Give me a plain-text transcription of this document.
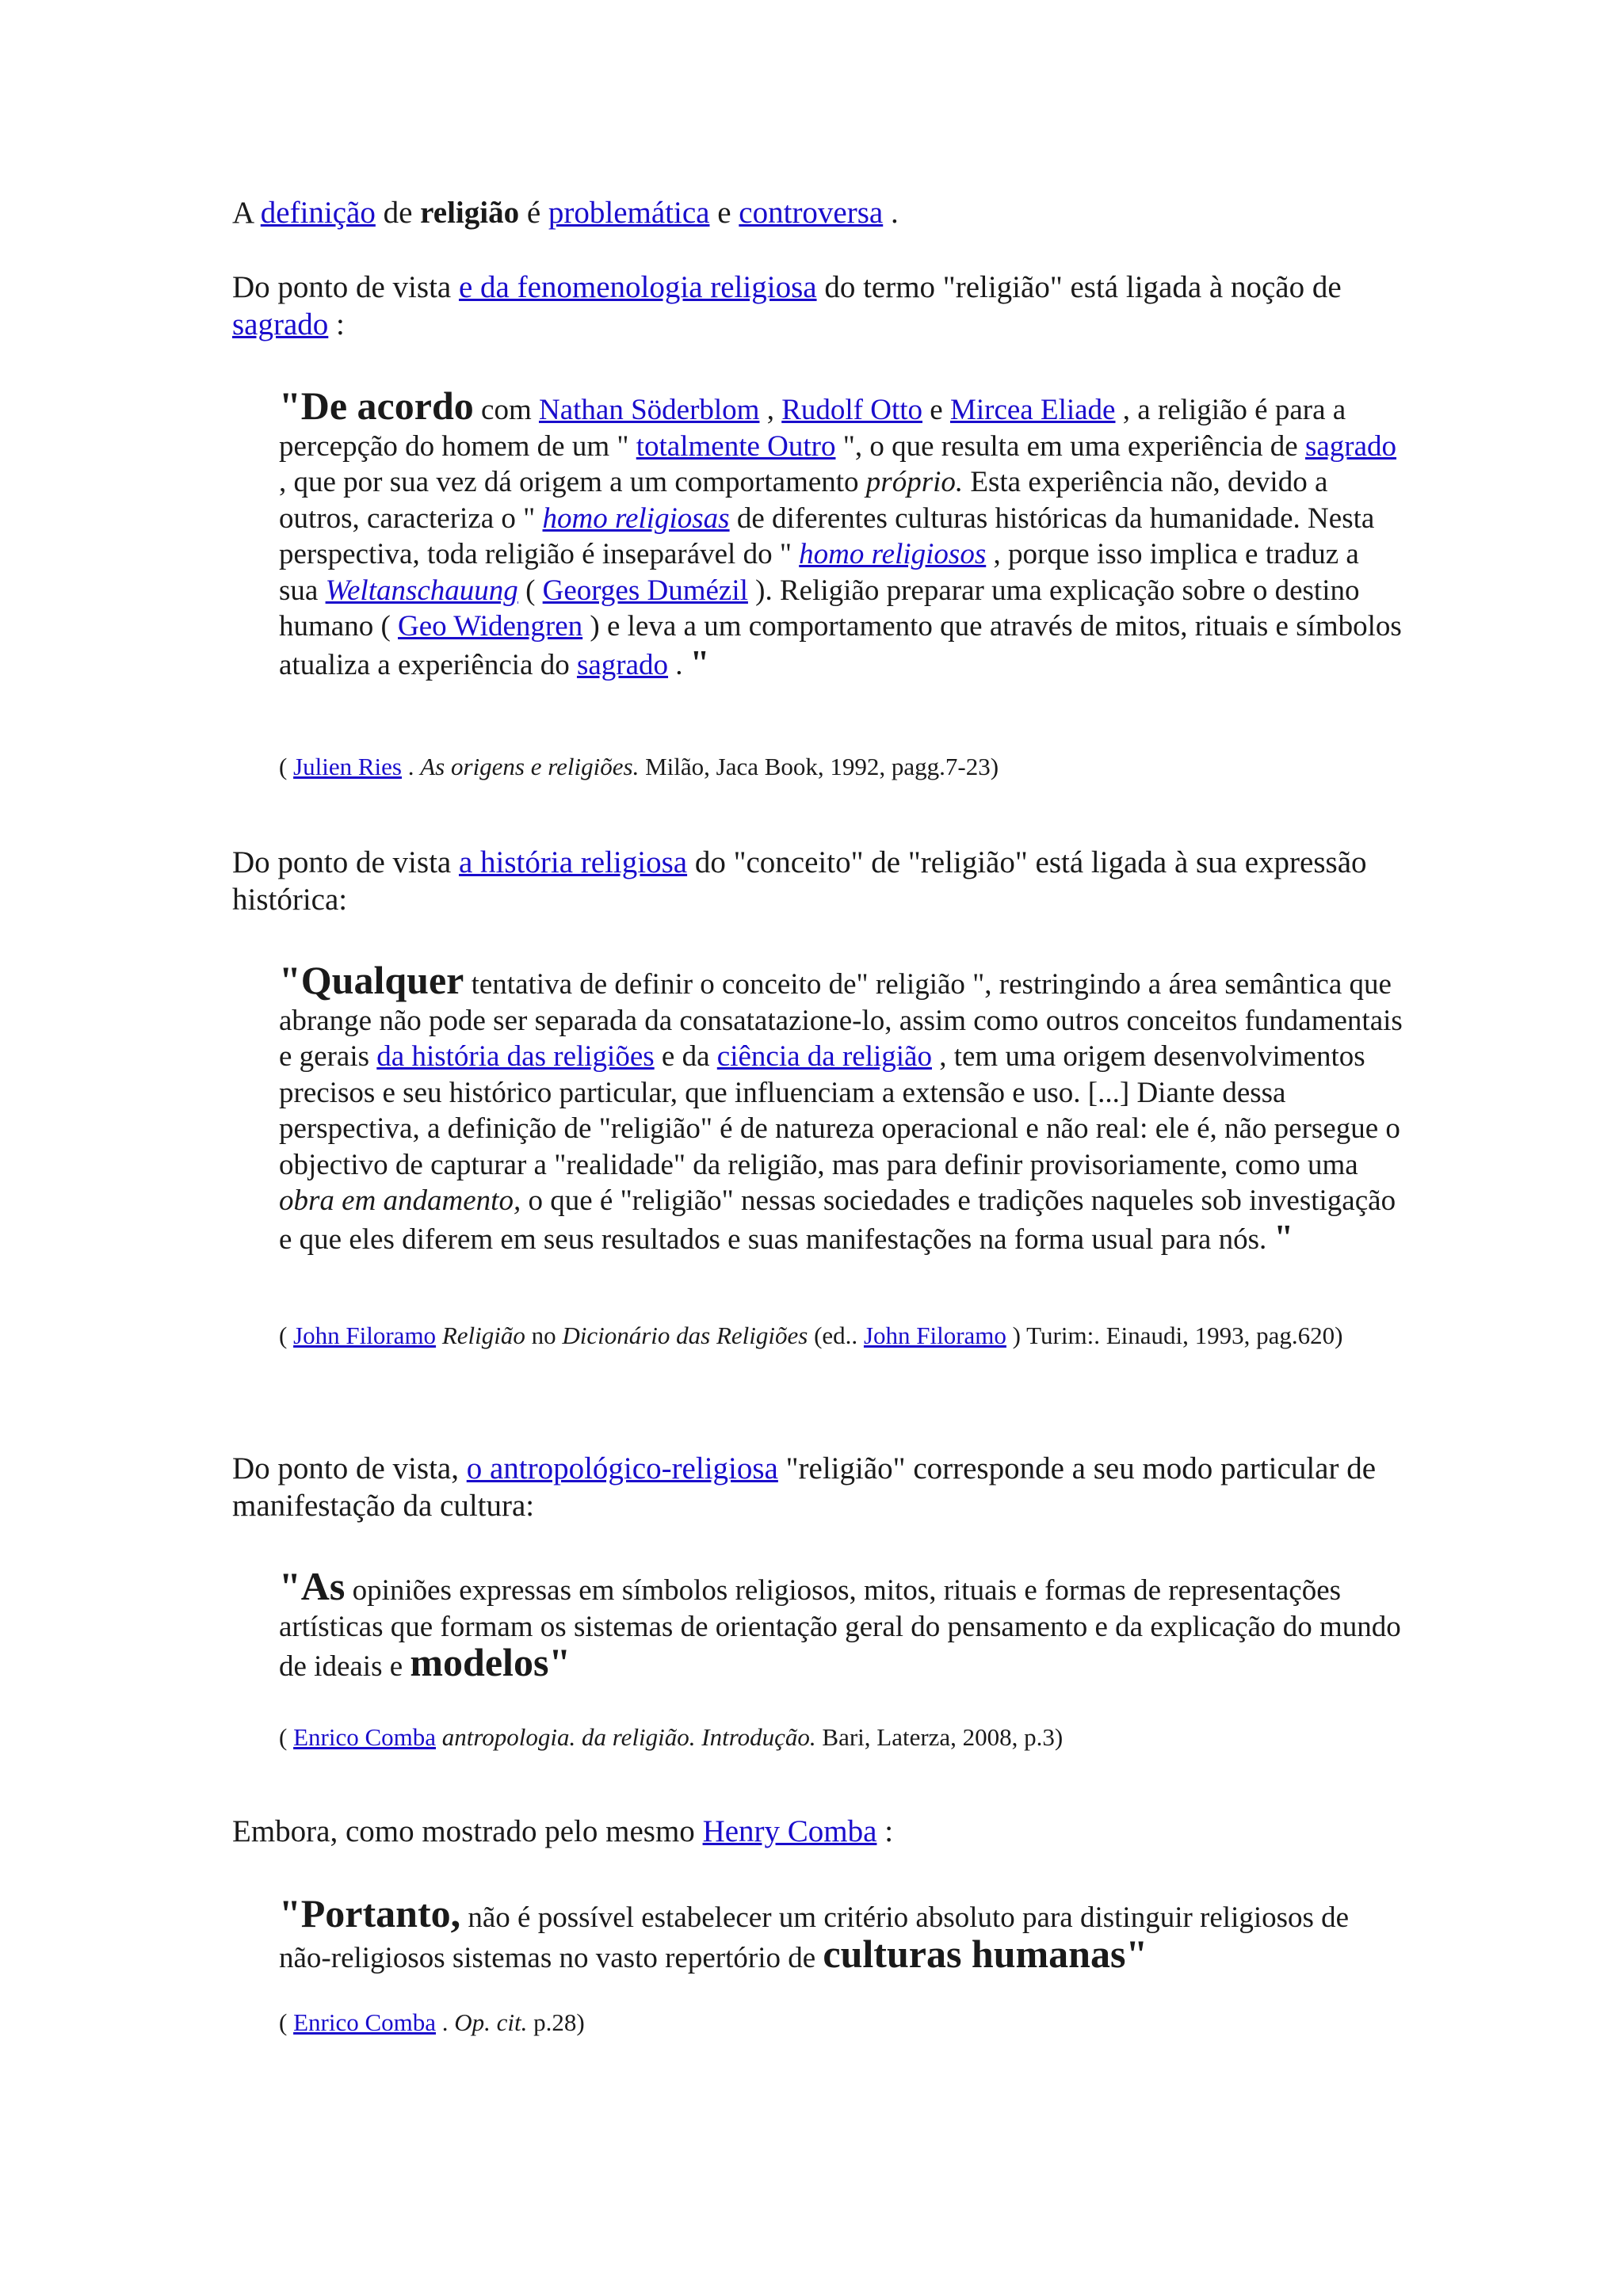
A definição de religião é problemática e controversa .

Do ponto de vista e da fenomenologia religiosa do termo "religião" está ligada à noção de sagrado :

"De acordo com Nathan Söderblom , Rudolf Otto e Mircea Eliade , a religião é para a percepção do homem de um " totalmente Outro ", o que resulta em uma experiência de sagrado , que por sua vez dá origem a um comportamento próprio. Esta experiência não, devido a outros, caracteriza o " homo religiosas de diferentes culturas históricas da humanidade. Nesta perspectiva, toda religião é inseparável do " homo religiosos , porque isso implica e traduz a sua Weltanschauung ( Georges Dumézil ). Religião preparar uma explicação sobre o destino humano ( Geo Widengren ) e leva a um comportamento que através de mitos, rituais e símbolos atualiza a experiência do sagrado . "

( Julien Ries . As origens e religiões. Milão, Jaca Book, 1992, pagg.7-23)

Do ponto de vista a história religiosa do "conceito" de "religião" está ligada à sua expressão histórica:

"Qualquer tentativa de definir o conceito de" religião ", restringindo a área semântica que abrange não pode ser separada da consatatazione-lo, assim como outros conceitos fundamentais e gerais da história das religiões e da ciência da religião , tem uma origem desenvolvimentos precisos e seu histórico particular, que influenciam a extensão e uso. [...] Diante dessa perspectiva, a definição de "religião" é de natureza operacional e não real: ele é, não persegue o objectivo de capturar a "realidade" da religião, mas para definir provisoriamente, como uma obra em andamento, o que é "religião" nessas sociedades e tradições naqueles sob investigação e que eles diferem em seus resultados e suas manifestações na forma usual para nós. "

( John Filoramo Religião no Dicionário das Religiões (ed.. John Filoramo ) Turim:. Einaudi, 1993, pag.620)

Do ponto de vista, o antropológico-religiosa "religião" corresponde a seu modo particular de manifestação da cultura:

"As opiniões expressas em símbolos religiosos, mitos, rituais e formas de representações artísticas que formam os sistemas de orientação geral do pensamento e da explicação do mundo de ideais e modelos"

( Enrico Comba antropologia. da religião. Introdução. Bari, Laterza, 2008, p.3)

Embora, como mostrado pelo mesmo Henry Comba :

"Portanto, não é possível estabelecer um critério absoluto para distinguir religiosos de não-religiosos sistemas no vasto repertório de culturas humanas"

( Enrico Comba . Op. cit. p.28)
